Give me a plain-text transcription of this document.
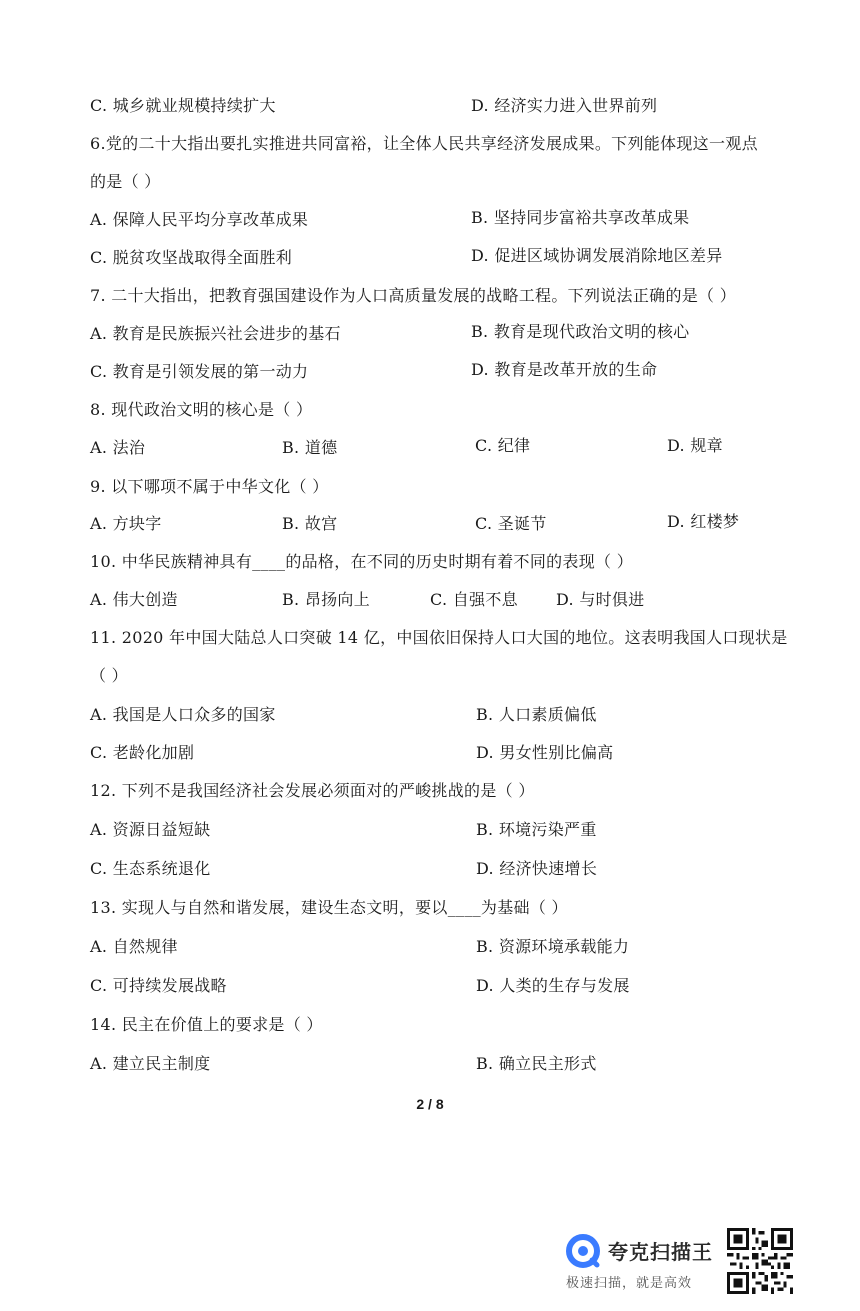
C. 城乡就业规模持续扩大	D. 经济实力进入世界前列
6.党的二十大指出要扎实推进共同富裕，让全体人民共享经济发展成果。下列能体现这一观点
的是（ ）
A. 保障人民平均分享改革成果	B. 坚持同步富裕共享改革成果
C. 脱贫攻坚战取得全面胜利	D. 促进区域协调发展消除地区差异
7. 二十大指出，把教育强国建设作为人口高质量发展的战略工程。下列说法正确的是（ ）
A. 教育是民族振兴社会进步的基石	B. 教育是现代政治文明的核心
C. 教育是引领发展的第一动力	D. 教育是改革开放的生命
8. 现代政治文明的核心是（ ）
A. 法治	B. 道德	C. 纪律	D. 规章
9. 以下哪项不属于中华文化（ ）
A. 方块字	B. 故宫	C. 圣诞节	D. 红楼梦
10. 中华民族精神具有____的品格，在不同的历史时期有着不同的表现（ ）
A. 伟大创造	B. 昂扬向上	C. 自强不息 D. 与时俱进
11. 2020 年中国大陆总人口突破 14 亿，中国依旧保持人口大国的地位。这表明我国人口现状是
（ ）
A. 我国是人口众多的国家	B. 人口素质偏低
C. 老龄化加剧	D. 男女性别比偏高
12. 下列不是我国经济社会发展必须面对的严峻挑战的是（ ）
A. 资源日益短缺	B. 环境污染严重
C. 生态系统退化	D. 经济快速增长
13. 实现人与自然和谐发展，建设生态文明，要以____为基础（ ）
A. 自然规律	B. 资源环境承载能力
C. 可持续发展战略	D. 人类的生存与发展
14. 民主在价值上的要求是（ ）
A. 建立民主制度	B. 确立民主形式
2 / 8
夸克扫描王
极速扫描，就是高效
